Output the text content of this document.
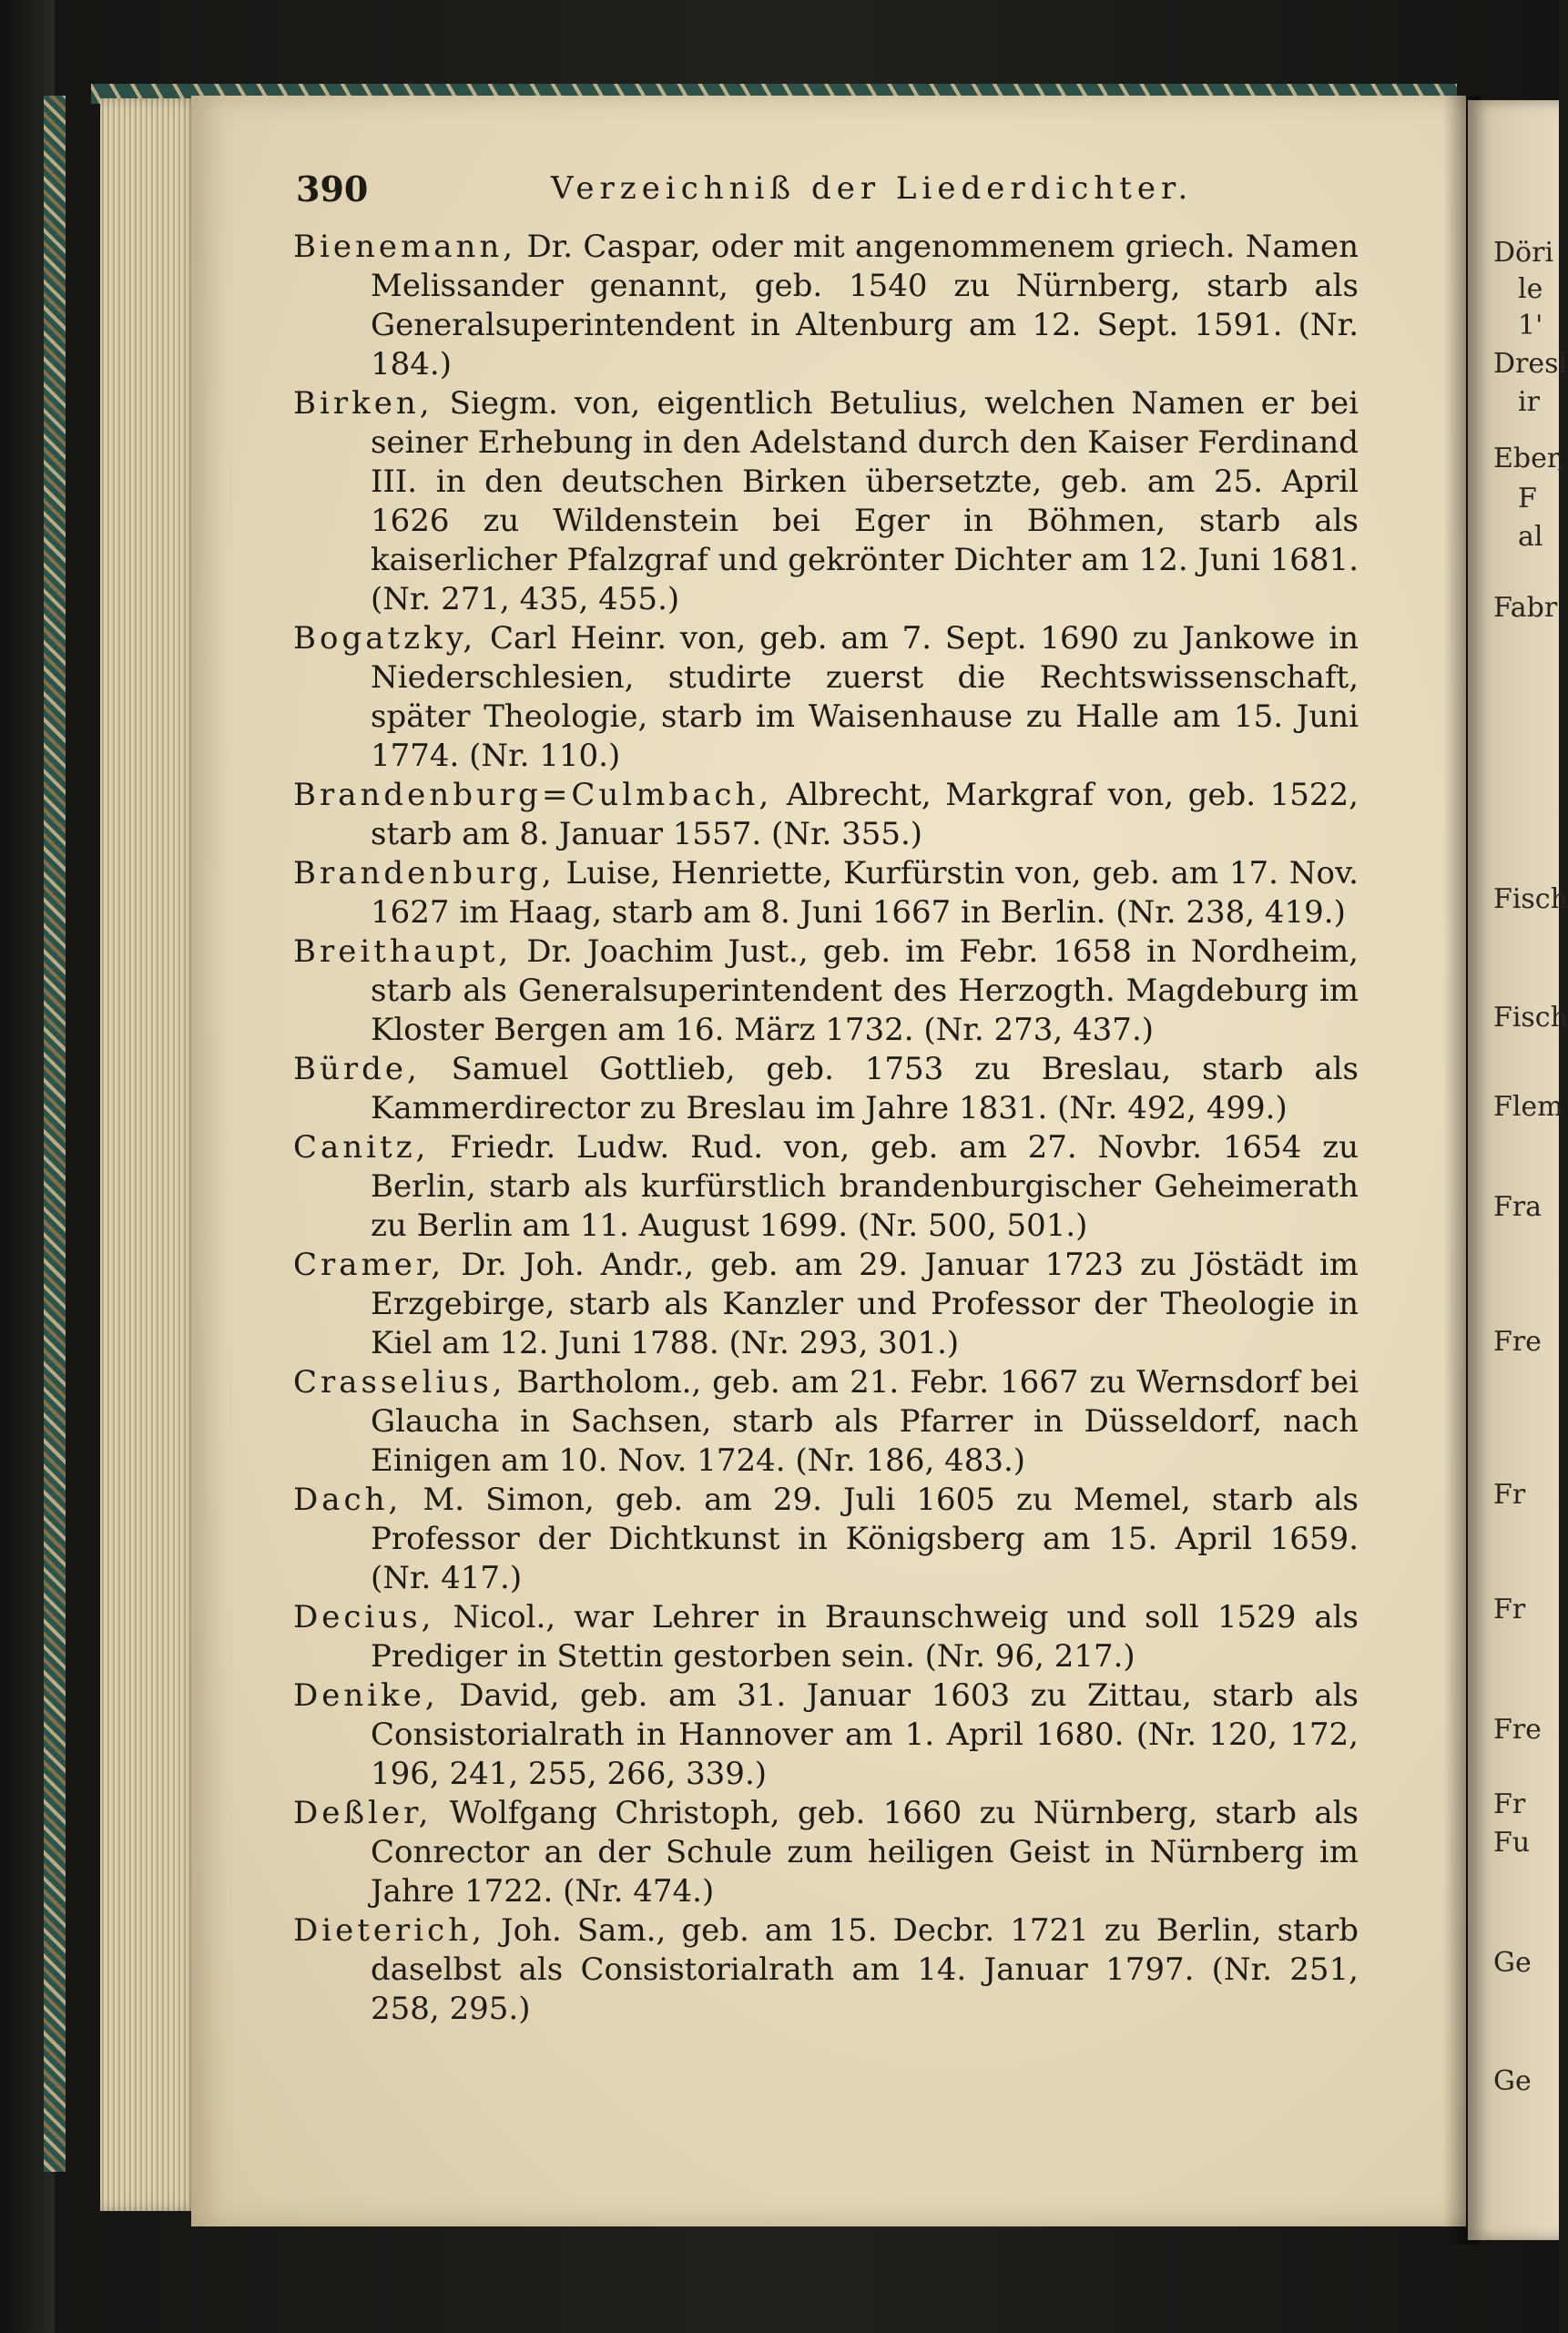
390	Verzeichniß der Liederdichter.

Bienemann, Dr. Caspar, oder mit angenommenem griech. Namen Melissander genannt, geb. 1540 zu Nürnberg, starb als Generalsuperintendent in Altenburg am 12. Sept. 1591. (Nr. 184.)

Birken, Siegm. von, eigentlich Betulius, welchen Namen er bei seiner Erhebung in den Adelstand durch den Kaiser Ferdinand III. in den deutschen Birken übersetzte, geb. am 25. April 1626 zu Wildenstein bei Eger in Böhmen, starb als kaiserlicher Pfalzgraf und gekrönter Dichter am 12. Juni 1681. (Nr. 271, 435, 455.)

Bogatzky, Carl Heinr. von, geb. am 7. Sept. 1690 zu Jankowe in Niederschlesien, studirte zuerst die Rechtswissenschaft, später Theologie, starb im Waisenhause zu Halle am 15. Juni 1774. (Nr. 110.)

Brandenburg=Culmbach, Albrecht, Markgraf von, geb. 1522, starb am 8. Januar 1557. (Nr. 355.)

Brandenburg, Luise, Henriette, Kurfürstin von, geb. am 17. Nov. 1627 im Haag, starb am 8. Juni 1667 in Berlin. (Nr. 238, 419.)

Breithaupt, Dr. Joachim Just., geb. im Febr. 1658 in Nordheim, starb als Generalsuperintendent des Herzogth. Magdeburg im Kloster Bergen am 16. März 1732. (Nr. 273, 437.)

Bürde, Samuel Gottlieb, geb. 1753 zu Breslau, starb als Kammerdirector zu Breslau im Jahre 1831. (Nr. 492, 499.)

Canitz, Friedr. Ludw. Rud. von, geb. am 27. Novbr. 1654 zu Berlin, starb als kurfürstlich brandenburgischer Geheimerath zu Berlin am 11. August 1699. (Nr. 500, 501.)

Cramer, Dr. Joh. Andr., geb. am 29. Januar 1723 zu Jöstädt im Erzgebirge, starb als Kanzler und Professor der Theologie in Kiel am 12. Juni 1788. (Nr. 293, 301.)

Crasselius, Bartholom., geb. am 21. Febr. 1667 zu Wernsdorf bei Glaucha in Sachsen, starb als Pfarrer in Düsseldorf, nach Einigen am 10. Nov. 1724. (Nr. 186, 483.)

Dach, M. Simon, geb. am 29. Juli 1605 zu Memel, starb als Professor der Dichtkunst in Königsberg am 15. April 1659. (Nr. 417.)

Decius, Nicol., war Lehrer in Braunschweig und soll 1529 als Prediger in Stettin gestorben sein. (Nr. 96, 217.)

Denike, David, geb. am 31. Januar 1603 zu Zittau, starb als Consistorialrath in Hannover am 1. April 1680. (Nr. 120, 172, 196, 241, 255, 266, 339.)

Deßler, Wolfgang Christoph, geb. 1660 zu Nürnberg, starb als Conrector an der Schule zum heiligen Geist in Nürnberg im Jahre 1722. (Nr. 474.)

Dieterich, Joh. Sam., geb. am 15. Decbr. 1721 zu Berlin, starb daselbst als Consistorialrath am 14. Januar 1797. (Nr. 251, 258, 295.)

Döri
le
1'
Dresl
ir
Eber,
F
al
Fabr
Fisch
Fisch
Flem
Fra
Fre
Fr
Fr
Fre
Fr
Fu
Ge
Ge
